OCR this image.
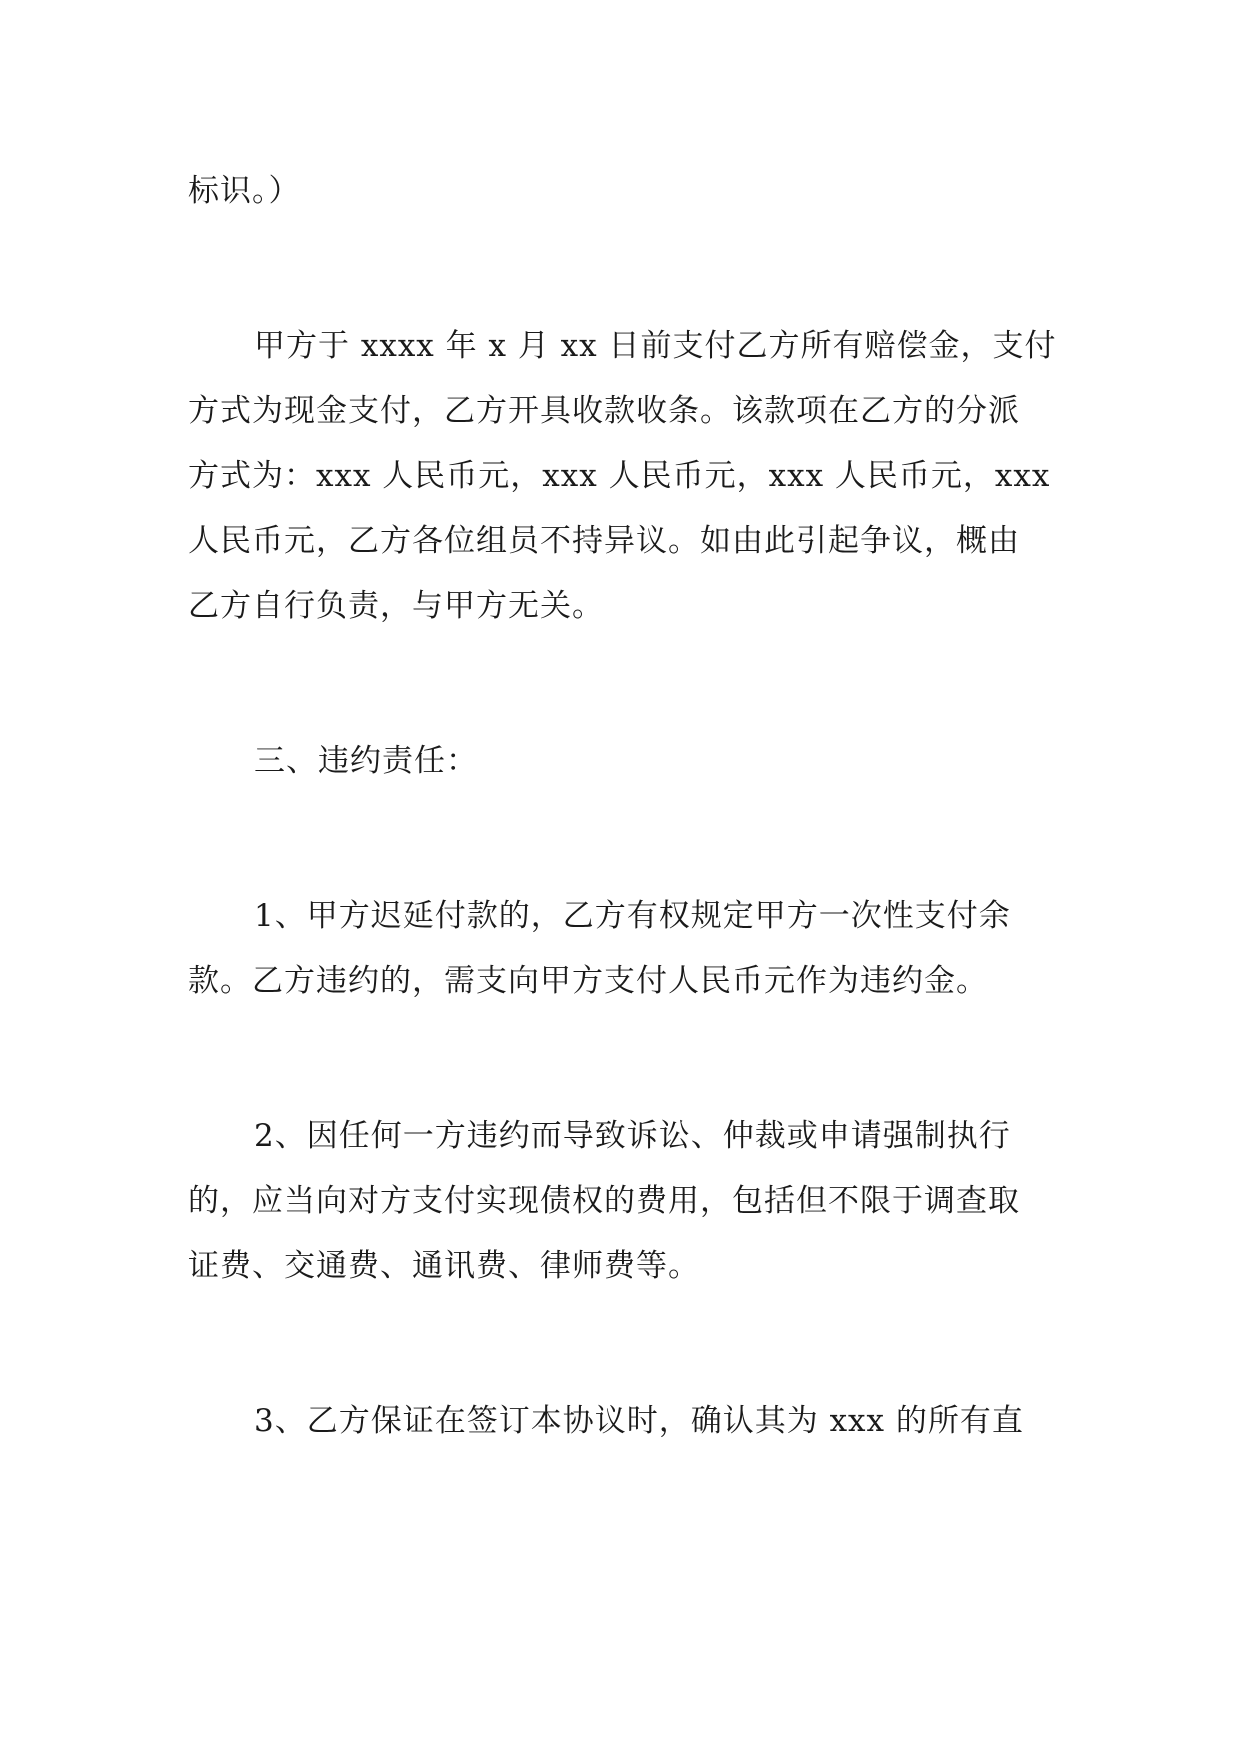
标识。）
甲方于 xxxx 年 x 月 xx 日前支付乙方所有赔偿金，支付
方式为现金支付，乙方开具收款收条。该款项在乙方的分派
方式为：xxx 人民币元，xxx 人民币元，xxx 人民币元，xxx
人民币元，乙方各位组员不持异议。如由此引起争议，概由
乙方自行负责，与甲方无关。
三、违约责任：
1、甲方迟延付款的，乙方有权规定甲方一次性支付余
款。乙方违约的，需支向甲方支付人民币元作为违约金。
2、因任何一方违约而导致诉讼、仲裁或申请强制执行
的，应当向对方支付实现债权的费用，包括但不限于调查取
证费、交通费、通讯费、律师费等。
3、乙方保证在签订本协议时，确认其为 xxx 的所有直
